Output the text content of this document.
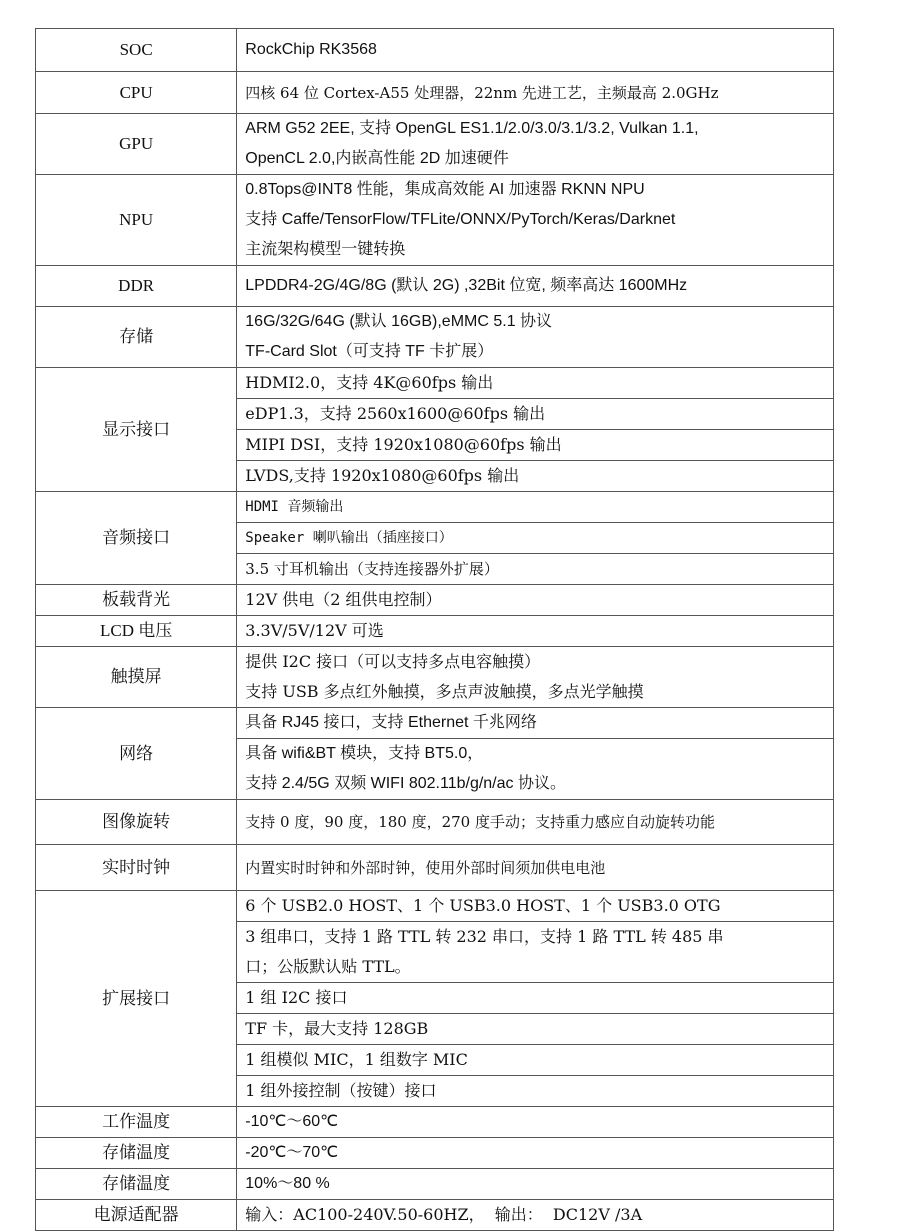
SOC	RockChip RK3568
CPU	四核 64 位 Cortex-A55 处理器，22nm 先进工艺，主频最高 2.0GHz
GPU	ARM G52 2EE, 支持 OpenGL ES1.1/2.0/3.0/3.1/3.2, Vulkan 1.1,
OpenCL 2.0,内嵌高性能 2D 加速硬件

NPU	0.8Tops@INT8 性能，集成高效能 AI 加速器 RKNN NPU
支持 Caffe/TensorFlow/TFLite/ONNX/PyTorch/Keras/Darknet
主流架构模型一键转换

DDR	LPDDR4-2G/4G/8G (默认 2G) ,32Bit 位宽, 频率高达 1600MHz
存储	16G/32G/64G (默认 16GB),eMMC 5.1 协议
TF-Card Slot（可支持 TF 卡扩展）

显示接口	HDMI2.0，支持 4K@60fps 输出
	eDP1.3，支持 2560x1600@60fps 输出
	MIPI DSI，支持 1920x1080@60fps 输出
	LVDS,支持 1920x1080@60fps 输出
音频接口	HDMI 音频输出
	Speaker 喇叭输出（插座接口）
	3.5 寸耳机输出（支持连接器外扩展）
板载背光	12V 供电（2 组供电控制）
LCD 电压	3.3V/5V/12V 可选
触摸屏	提供 I2C 接口（可以支持多点电容触摸）
支持 USB 多点红外触摸，多点声波触摸，多点光学触摸

网络	具备 RJ45 接口，支持 Ethernet 千兆网络

	具备 wifi&BT 模块，支持 BT5.0，
支持 2.4/5G 双频 WIFI 802.11b/g/n/ac 协议。

图像旋转	支持 0 度，90 度，180 度，270 度手动；支持重力感应自动旋转功能
实时时钟	内置实时时钟和外部时钟，使用外部时间须加供电电池
扩展接口	6 个 USB2.0 HOST、1 个 USB3.0 HOST、1 个 USB3.0 OTG

	3 组串口，支持 1 路 TTL 转 232 串口，支持 1 路 TTL 转 485 串
口；公版默认贴 TTL。

	1 组 I2C 接口
	TF 卡，最大支持 128GB
	1 组模似 MIC，1 组数字 MIC
	1 组外接控制（按键）接口
工作温度	-10℃～60℃
存储温度	-20℃～70℃
存储温度	10%～80 %
电源适配器	输入：AC100-240V.50-60HZ，  输出：  DC12V /3A
